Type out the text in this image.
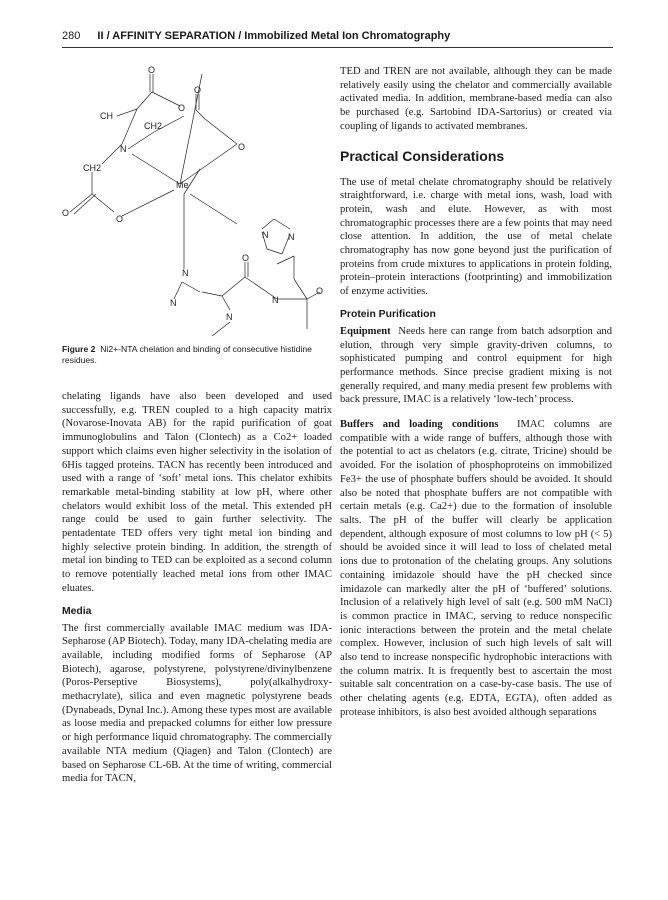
280 II / AFFINITY SEPARATION / Immobilized Metal Ion Chromatography
O
O
O
O
CH
CH2
CH2
N
Me
O
O
N N
N
N
O
N
O
N
Figure 2 Ni2+-NTA chelation and binding of consecutive histidine residues.

chelating ligands have also been developed and used successfully, e.g. TREN coupled to a high capacity matrix (Novarose-Inovata AB) for the rapid purification of goat immunoglobulins and Talon (Clontech) as a Co2+ loaded support which claims even higher selectivity in the isolation of 6His tagged proteins. TACN has recently been introduced and used with a range of ‘soft’ metal ions. This chelator exhibits remarkable metal-binding stability at low pH, where other chelators would exhibit loss of the metal. This extended pH range could be used to gain further selectivity. The pentadentate TED offers very tight metal ion binding and highly selective protein binding. In addition, the strength of metal ion binding to TED can be exploited as a second column to remove potentially leached metal ions from other IMAC eluates.

Media

The first commercially available IMAC medium was IDA-Sepharose (AP Biotech). Today, many IDA-chelating media are available, including modified forms of Sepharose (AP Biotech), agarose, polystyrene, polystyrene/divinylbenzene (Poros-Perseptive Biosystems), poly(alkalhydroxy-methacrylate), silica and even magnetic polystyrene beads (Dynabeads, Dynal Inc.). Among these types most are available as loose media and prepacked columns for either low pressure or high performance liquid chromatography. The commercially available NTA medium (Qiagen) and Talon (Clontech) are based on Sepharose CL-6B. At the time of writing, commercial media for TACN,

TED and TREN are not available, although they can be made relatively easily using the chelator and commercially available activated media. In addition, membrane-based media can also be purchased (e.g. Sartobind IDA-Sartorius) or created via coupling of ligands to activated membranes.

Practical Considerations

The use of metal chelate chromatography should be relatively straightforward, i.e. charge with metal ions, wash, load with protein, wash and elute. However, as with most chromatographic processes there are a few points that may need close attention. In addition, the use of metal chelate chromatography has now gone beyond just the purification of proteins from crude mixtures to applications in protein folding, protein–protein interactions (footprinting) and immobilization of enzyme activities.

Protein Purification

Equipment Needs here can range from batch adsorption and elution, through very simple gravity-driven columns, to sophisticated pumping and control equipment for high performance methods. Since precise gradient mixing is not generally required, and many media present few problems with back pressure, IMAC is a relatively ‘low-tech’ process.

Buffers and loading conditions IMAC columns are compatible with a wide range of buffers, although those with the potential to act as chelators (e.g. citrate, Tricine) should be avoided. For the isolation of phosphoproteins on immobilized Fe3+ the use of phosphate buffers should be avoided. It should also be noted that phosphate buffers are not compatible with certain metals (e.g. Ca2+) due to the formation of insoluble salts. The pH of the buffer will clearly be application dependent, although exposure of most columns to low pH (< 5) should be avoided since it will lead to loss of chelated metal ions due to protonation of the chelating groups. Any solutions containing imidazole should have the pH checked since imidazole can markedly alter the pH of ‘buffered’ solutions. Inclusion of a relatively high level of salt (e.g. 500 mM NaCl) is common practice in IMAC, serving to reduce nonspecific ionic interactions between the protein and the metal chelate complex. However, inclusion of such high levels of salt will also tend to increase nonspecific hydrophobic interactions with the column matrix. It is frequently best to ascertain the most suitable salt concentration on a case-by-case basis. The use of other chelating agents (e.g. EDTA, EGTA), often added as protease inhibitors, is also best avoided although separations
